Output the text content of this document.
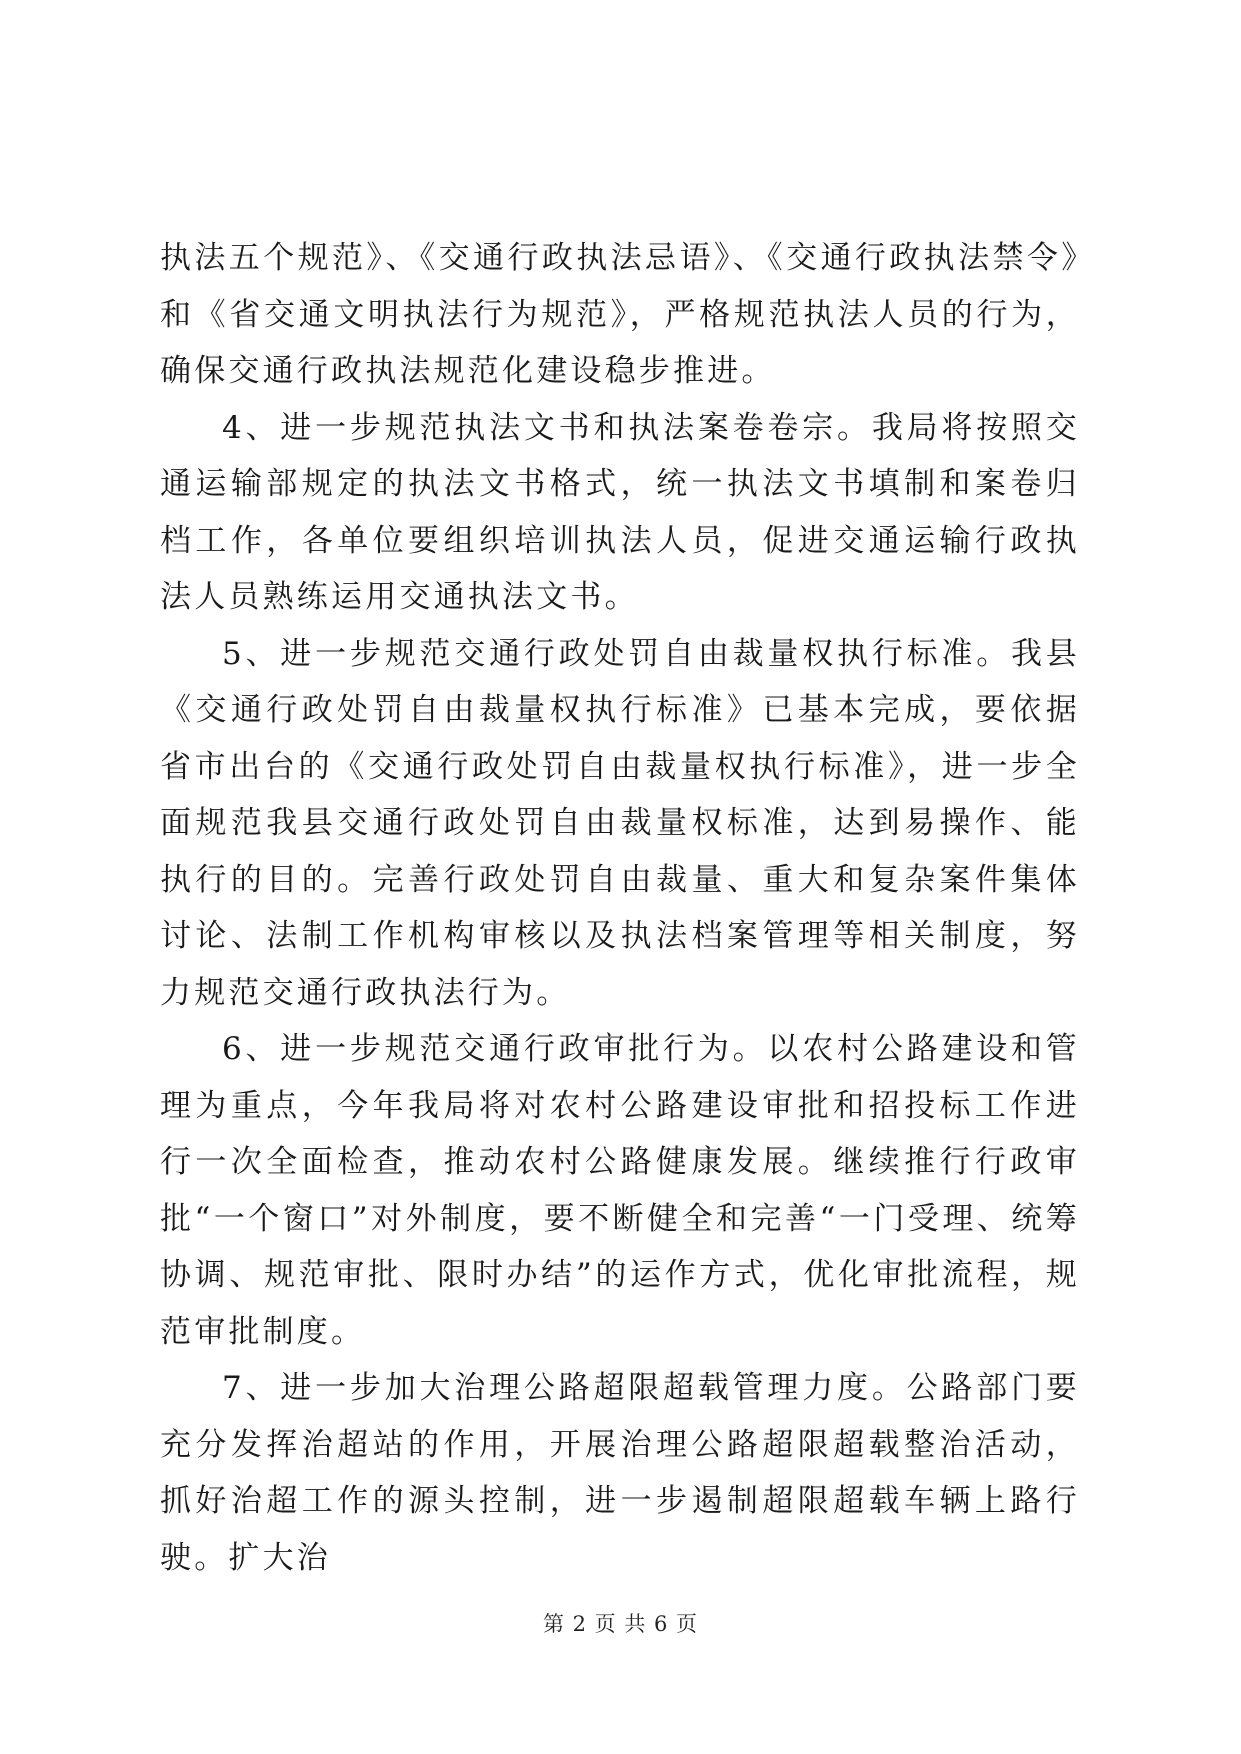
执法五个规范》、《交通行政执法忌语》、《交通行政执法禁令》和《省交通文明执法行为规范》，严格规范执法人员的行为，确保交通行政执法规范化建设稳步推进。

4、进一步规范执法文书和执法案卷卷宗。我局将按照交通运输部规定的执法文书格式，统一执法文书填制和案卷归档工作，各单位要组织培训执法人员，促进交通运输行政执法人员熟练运用交通执法文书。

5、进一步规范交通行政处罚自由裁量权执行标准。我县《交通行政处罚自由裁量权执行标准》已基本完成，要依据省市出台的《交通行政处罚自由裁量权执行标准》，进一步全面规范我县交通行政处罚自由裁量权标准，达到易操作、能执行的目的。完善行政处罚自由裁量、重大和复杂案件集体讨论、法制工作机构审核以及执法档案管理等相关制度，努力规范交通行政执法行为。

6、进一步规范交通行政审批行为。以农村公路建设和管理为重点，今年我局将对农村公路建设审批和招投标工作进行一次全面检查，推动农村公路健康发展。继续推行行政审批“一个窗口”对外制度，要不断健全和完善“一门受理、统筹协调、规范审批、限时办结”的运作方式，优化审批流程，规范审批制度。

7、进一步加大治理公路超限超载管理力度。公路部门要充分发挥治超站的作用，开展治理公路超限超载整治活动，抓好治超工作的源头控制，进一步遏制超限超载车辆上路行驶。扩大治

第 2 页 共 6 页
